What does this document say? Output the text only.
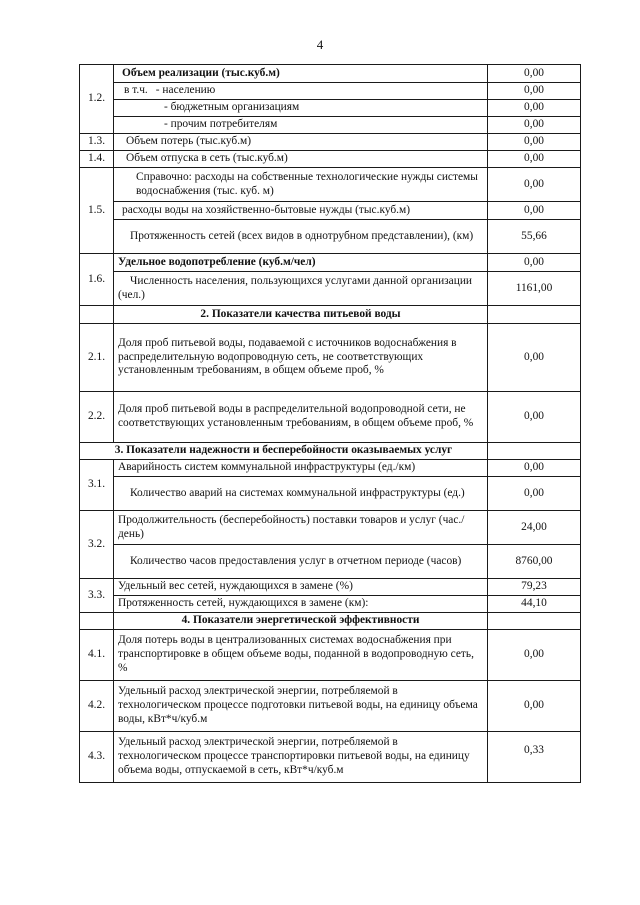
4
1.2.	Объем реализации (тыс.куб.м)	0,00
	в т.ч. - населению	0,00
	- бюджетным организациям	0,00
	- прочим потребителям	0,00
1.3.	Объем потерь (тыс.куб.м)	0,00
1.4.	Объем отпуска в сеть (тыс.куб.м)	0,00
1.5.	Справочно: расходы на собственные технологические нужды системы водоснабжения (тыс. куб. м)	0,00
	расходы воды на хозяйственно-бытовые нужды (тыс.куб.м)	0,00
	Протяженность сетей (всех видов в однотрубном представлении), (км)	55,66
1.6.	Удельное водопотребление (куб.м/чел)	0,00
	Численность населения, пользующихся услугами данной организации (чел.)	1161,00
	2. Показатели качества питьевой воды	
2.1.	Доля проб питьевой воды, подаваемой с источников водоснабжения в распределительную водопроводную сеть, не соответствующих установленным требованиям, в общем объеме проб, %	0,00
2.2.	Доля проб питьевой воды в распределительной водопроводной сети, не соответствующих установленным требованиям, в общем объеме проб, %	0,00
3. Показатели надежности и бесперебойности оказываемых услуг		
3.1.	Аварийность систем коммунальной инфраструктуры (ед./км)	0,00
	Количество аварий на системах коммунальной инфраструктуры (ед.)	0,00
3.2.	Продолжительность (бесперебойность) поставки товаров и услуг (час./день)	24,00
	Количество часов предоставления услуг в отчетном периоде (часов)	8760,00
3.3.	Удельный вес сетей, нуждающихся в замене (%)	79,23
	Протяженность сетей, нуждающихся в замене (км):	44,10
	4. Показатели энергетической эффективности	
4.1.	Доля потерь воды в централизованных системах водоснабжения при транспортировке в общем объеме воды, поданной в водопроводную сеть, %	0,00
4.2.	Удельный расход электрической энергии, потребляемой в технологическом процессе подготовки питьевой воды, на единицу объема воды, кВт*ч/куб.м	0,00
4.3.	Удельный расход электрической энергии, потребляемой в технологическом процессе транспортировки питьевой воды, на единицу объема воды, отпускаемой в сеть, кВт*ч/куб.м	0,33
